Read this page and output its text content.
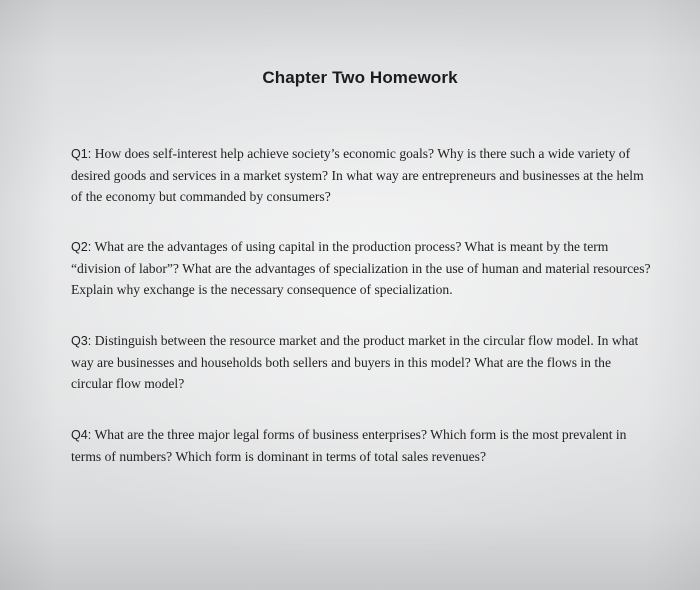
Chapter Two Homework

Q1: How does self-interest help achieve society’s economic goals? Why is there such a wide variety of desired goods and services in a market system? In what way are entrepreneurs and businesses at the helm of the economy but commanded by consumers?

Q2: What are the advantages of using capital in the production process? What is meant by the term “division of labor”? What are the advantages of specialization in the use of human and material resources? Explain why exchange is the necessary consequence of specialization.

Q3: Distinguish between the resource market and the product market in the circular flow model. In what way are businesses and households both sellers and buyers in this model? What are the flows in the circular flow model?

Q4: What are the three major legal forms of business enterprises? Which form is the most prevalent in terms of numbers? Which form is dominant in terms of total sales revenues?
